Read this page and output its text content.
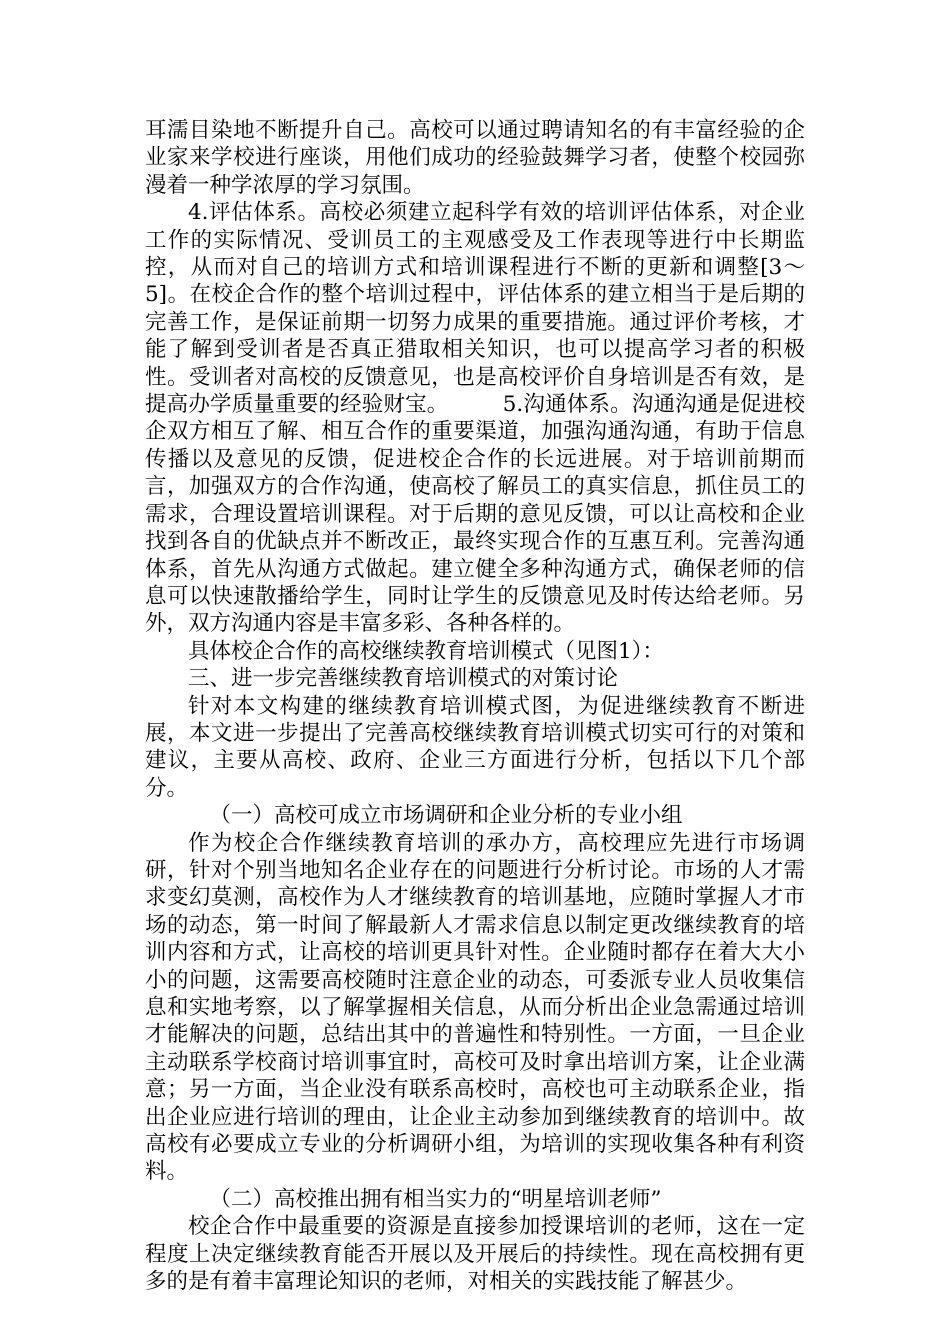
耳濡目染地不断提升自己。高校可以通过聘请知名的有丰富经验的企业家来学校进行座谈，用他们成功的经验鼓舞学习者，使整个校园弥漫着一种学浓厚的学习氛围。

4.评估体系。高校必须建立起科学有效的培训评估体系，对企业工作的实际情况、受训员工的主观感受及工作表现等进行中长期监控，从而对自己的培训方式和培训课程进行不断的更新和调整[3～5]。在校企合作的整个培训过程中，评估体系的建立相当于是后期的完善工作，是保证前期一切努力成果的重要措施。通过评价考核，才能了解到受训者是否真正猎取相关知识，也可以提高学习者的积极性。受训者对高校的反馈意见，也是高校评价自身培训是否有效，是提高办学质量重要的经验财宝。　　　5.沟通体系。沟通沟通是促进校企双方相互了解、相互合作的重要渠道，加强沟通沟通，有助于信息传播以及意见的反馈，促进校企合作的长远进展。对于培训前期而言，加强双方的合作沟通，使高校了解员工的真实信息，抓住员工的需求，合理设置培训课程。对于后期的意见反馈，可以让高校和企业找到各自的优缺点并不断改正，最终实现合作的互惠互利。完善沟通体系，首先从沟通方式做起。建立健全多种沟通方式，确保老师的信息可以快速散播给学生，同时让学生的反馈意见及时传达给老师。另外，双方沟通内容是丰富多彩、各种各样的。

具体校企合作的高校继续教育培训模式（见图1）：

三、进一步完善继续教育培训模式的对策讨论

针对本文构建的继续教育培训模式图，为促进继续教育不断进展，本文进一步提出了完善高校继续教育培训模式切实可行的对策和建议，主要从高校、政府、企业三方面进行分析，包括以下几个部分。

（一）高校可成立市场调研和企业分析的专业小组

作为校企合作继续教育培训的承办方，高校理应先进行市场调研，针对个别当地知名企业存在的问题进行分析讨论。市场的人才需求变幻莫测，高校作为人才继续教育的培训基地，应随时掌握人才市场的动态，第一时间了解最新人才需求信息以制定更改继续教育的培训内容和方式，让高校的培训更具针对性。企业随时都存在着大大小小的问题，这需要高校随时注意企业的动态，可委派专业人员收集信息和实地考察，以了解掌握相关信息，从而分析出企业急需通过培训才能解决的问题，总结出其中的普遍性和特别性。一方面，一旦企业主动联系学校商讨培训事宜时，高校可及时拿出培训方案，让企业满意；另一方面，当企业没有联系高校时，高校也可主动联系企业，指出企业应进行培训的理由，让企业主动参加到继续教育的培训中。故高校有必要成立专业的分析调研小组，为培训的实现收集各种有利资料。

（二）高校推出拥有相当实力的“明星培训老师”

校企合作中最重要的资源是直接参加授课培训的老师，这在一定程度上决定继续教育能否开展以及开展后的持续性。现在高校拥有更多的是有着丰富理论知识的老师，对相关的实践技能了解甚少。
